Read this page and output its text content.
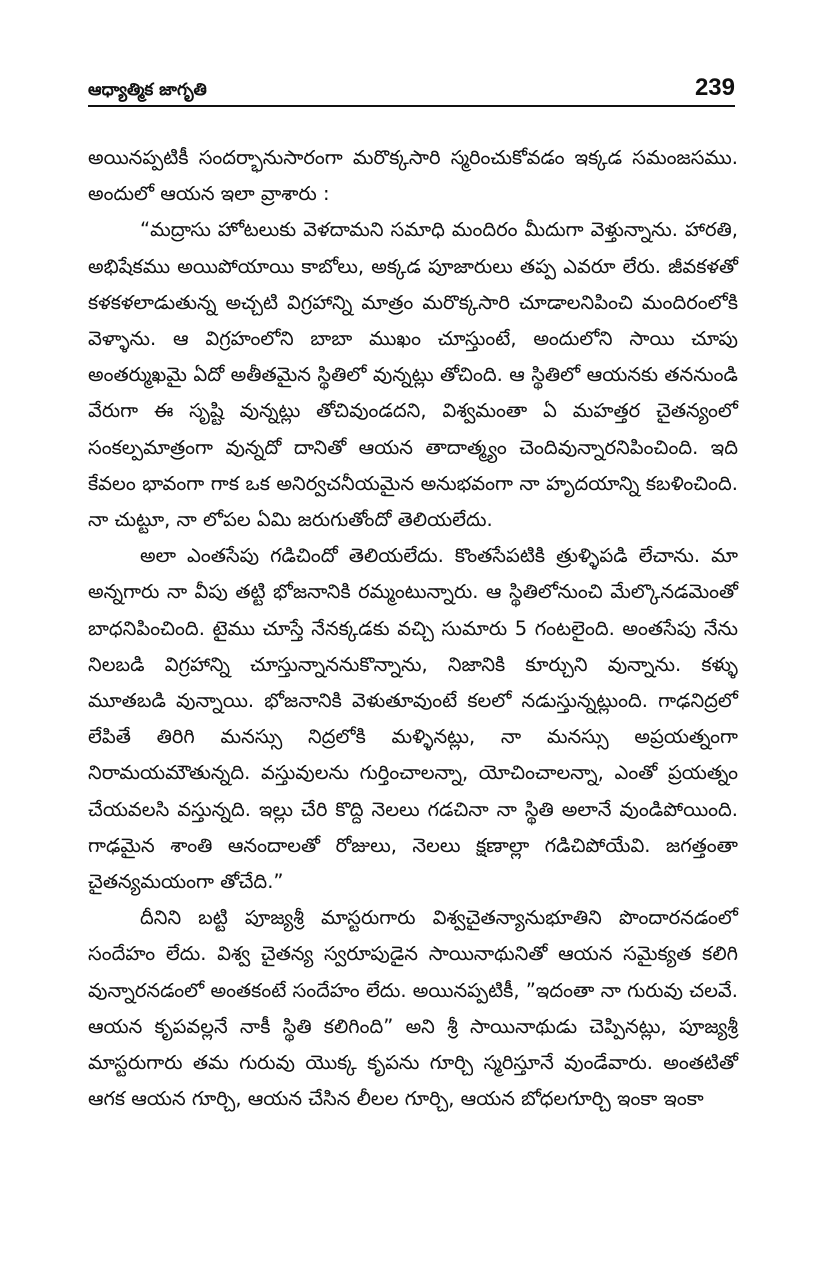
ఆధ్యాత్మిక జాగృతి	239

అయినప్పటికీ సందర్భానుసారంగా మరొక్కసారి స్మరించుకోవడం ఇక్కడ సమంజసము. అందులో ఆయన ఇలా వ్రాశారు :

“మద్రాసు హోటలుకు వెళదామని సమాధి మందిరం మీదుగా వెళ్తున్నాను. హారతి, అభిషేకము అయిపోయాయి కాబోలు, అక్కడ పూజారులు తప్ప ఎవరూ లేరు. జీవకళతో కళకళలాడుతున్న అచ్చటి విగ్రహాన్ని మాత్రం మరొక్కసారి చూడాలనిపించి మందిరంలోకి వెళ్ళాను. ఆ విగ్రహంలోని బాబా ముఖం చూస్తుంటే, అందులోని సాయి చూపు అంతర్ముఖమై ఏదో అతీతమైన స్థితిలో వున్నట్లు తోచింది. ఆ స్థితిలో ఆయనకు తననుండి వేరుగా ఈ సృష్టి వున్నట్లు తోచివుండదని, విశ్వమంతా ఏ మహత్తర చైతన్యంలో సంకల్పమాత్రంగా వున్నదో దానితో ఆయన తాదాత్మ్యం చెందివున్నారనిపించింది. ఇది కేవలం భావంగా గాక ఒక అనిర్వచనీయమైన అనుభవంగా నా హృదయాన్ని కబళించింది. నా చుట్టూ, నా లోపల ఏమి జరుగుతోందో తెలియలేదు.

అలా ఎంతసేపు గడిచిందో తెలియలేదు. కొంతసేపటికి త్రుళ్ళిపడి లేచాను. మా అన్నగారు నా వీపు తట్టి భోజనానికి రమ్మంటున్నారు. ఆ స్థితిలోనుంచి మేల్కొనడమెంతో బాధనిపించింది. టైము చూస్తే నేనక్కడకు వచ్చి సుమారు 5 గంటలైంది. అంతసేపు నేను నిలబడి విగ్రహాన్ని చూస్తున్నాననుకొన్నాను, నిజానికి కూర్చుని వున్నాను. కళ్ళు మూతబడి వున్నాయి. భోజనానికి వెళుతూవుంటే కలలో నడుస్తున్నట్లుంది. గాఢనిద్రలో లేపితే తిరిగి మనస్సు నిద్రలోకి మళ్ళినట్లు, నా మనస్సు అప్రయత్నంగా నిరామయమౌతున్నది. వస్తువులను గుర్తించాలన్నా, యోచించాలన్నా, ఎంతో ప్రయత్నం చేయవలసి వస్తున్నది. ఇల్లు చేరి కొద్ది నెలలు గడచినా నా స్థితి అలానే వుండిపోయింది. గాఢమైన శాంతి ఆనందాలతో రోజులు, నెలలు క్షణాల్లా గడిచిపోయేవి. జగత్తంతా చైతన్యమయంగా తోచేది.”

దీనిని బట్టి పూజ్యశ్రీ మాస్టరుగారు విశ్వచైతన్యానుభూతిని పొందారనడంలో సందేహం లేదు. విశ్వ చైతన్య స్వరూపుడైన సాయినాథునితో ఆయన సమైక్యత కలిగి వున్నారనడంలో అంతకంటే సందేహం లేదు. అయినప్పటికీ, ”ఇదంతా నా గురువు చలవే. ఆయన కృపవల్లనే నాకీ స్థితి కలిగింది” అని శ్రీ సాయినాథుడు చెప్పినట్లు, పూజ్యశ్రీ మాస్టరుగారు తమ గురువు యొక్క కృపను గూర్చి స్మరిస్తూనే వుండేవారు. అంతటితో ఆగక ఆయన గూర్చి, ఆయన చేసిన లీలల గూర్చి, ఆయన బోధలగూర్చి ఇంకా ఇంకా
